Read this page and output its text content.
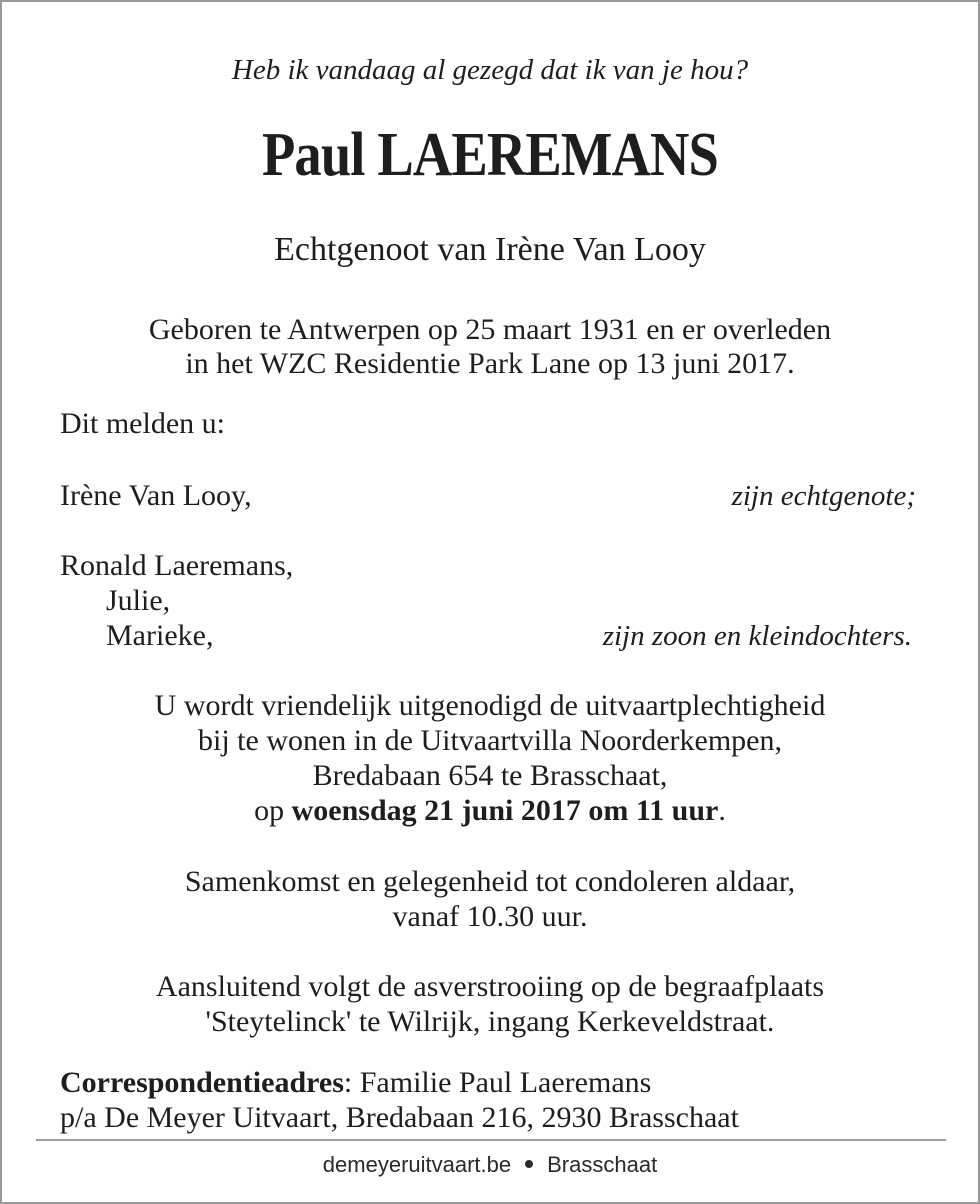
Heb ik vandaag al gezegd dat ik van je hou?
Paul LAEREMANS
Echtgenoot van Irène Van Looy
Geboren te Antwerpen op 25 maart 1931 en er overleden
in het WZC Residentie Park Lane op 13 juni 2017.
Dit melden u:
Irène Van Looy,	zijn echtgenote;
Ronald Laeremans,
Julie,
Marieke,	zijn zoon en kleindochters.
U wordt vriendelijk uitgenodigd de uitvaartplechtigheid
bij te wonen in de Uitvaartvilla Noorderkempen,
Bredabaan 654 te Brasschaat,
op woensdag 21 juni 2017 om 11 uur.
Samenkomst en gelegenheid tot condoleren aldaar,
vanaf 10.30 uur.
Aansluitend volgt de asverstrooiing op de begraafplaats
'Steytelinck' te Wilrijk, ingang Kerkeveldstraat.
Correspondentieadres: Familie Paul Laeremans
p/a De Meyer Uitvaart, Bredabaan 216, 2930 Brasschaat
demeyeruitvaart.be Brasschaat
